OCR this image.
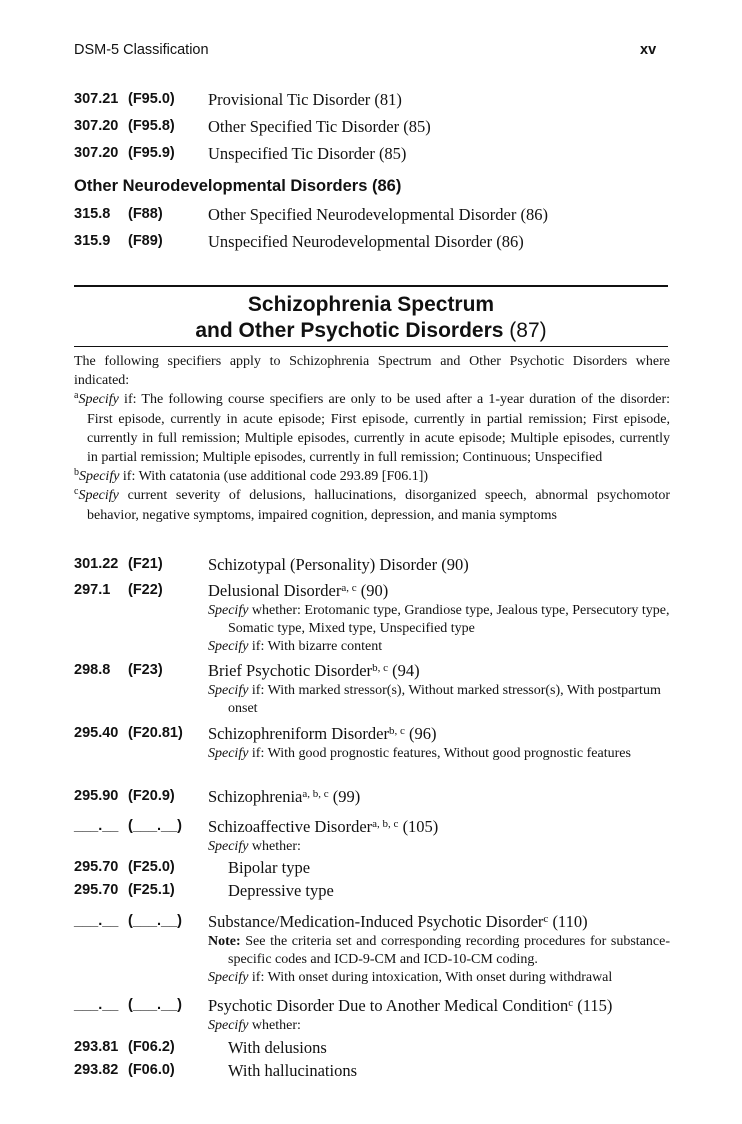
DSM-5 Classification	xv
307.21 (F95.0) Provisional Tic Disorder (81)
307.20 (F95.8) Other Specified Tic Disorder (85)
307.20 (F95.9) Unspecified Tic Disorder (85)
Other Neurodevelopmental Disorders (86)
315.8 (F88)	Other Specified Neurodevelopmental Disorder (86)
315.9 (F89)	Unspecified Neurodevelopmental Disorder (86)
Schizophrenia Spectrum
and Other Psychotic Disorders (87)

The following specifiers apply to Schizophrenia Spectrum and Other Psychotic Disorders where indicated:

$^a$Specify if: The following course specifiers are only to be used after a 1-year duration of the disorder: First episode, currently in acute episode; First episode, currently in partial remission; First episode, currently in full remission; Multiple episodes, currently in acute episode; Multiple episodes, currently in partial remission; Multiple episodes, currently in full remission; Continuous; Unspecified

$^b$Specify if: With catatonia (use additional code 293.89 [F06.1])

$^c$Specify current severity of delusions, hallucinations, disorganized speech, abnormal psychomotor behavior, negative symptoms, impaired cognition, depression, and mania symptoms

301.22 (F21)	Schizotypal (Personality) Disorder (90)
297.1 (F22)	Delusional Disorder$^{a, c}$ (90)
Specify whether: Erotomanic type, Grandiose type, Jealous type, Persecutory type, Somatic type, Mixed type, Unspecified type
Specify if: With bizarre content
298.8 (F23)	Brief Psychotic Disorder$^{b, c}$ (94)
Specify if: With marked stressor(s), Without marked stressor(s), With postpartum onset
295.40 (F20.81) Schizophreniform Disorder$^{b, c}$ (96)
Specify if: With good prognostic features, Without good prognostic features
295.90 (F20.9) Schizophrenia$^{a, b, c}$ (99)
___.__ (___.__) Schizoaffective Disorder$^{a, b, c}$ (105)
Specify whether:
295.70 (F25.0)	Bipolar type
295.70 (F25.1)	Depressive type
___.__ (___.__) Substance/Medication-Induced Psychotic Disorder$^c$ (110)
Note: See the criteria set and corresponding recording procedures for substance-specific codes and ICD-9-CM and ICD-10-CM coding.
Specify if: With onset during intoxication, With onset during withdrawal
___.__ (___.__) Psychotic Disorder Due to Another Medical Condition$^c$ (115)
Specify whether:
293.81 (F06.2)	With delusions
293.82 (F06.0)	With hallucinations
